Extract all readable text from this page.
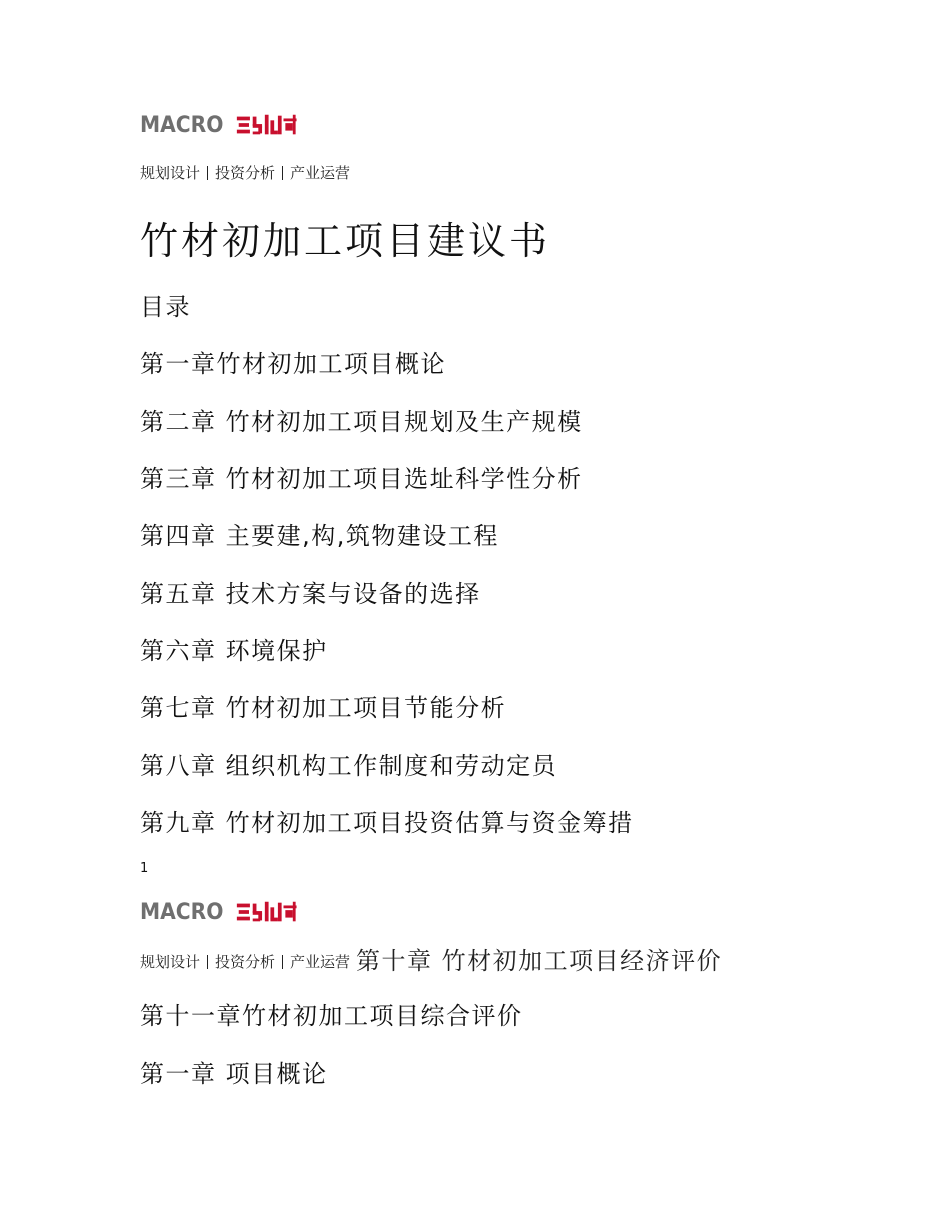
MACRO
规划设计 投资分析 产业运营
竹材初加工项目建议书
目录
第一章竹材初加工项目概论
第二章 竹材初加工项目规划及生产规模
第三章 竹材初加工项目选址科学性分析
第四章 主要建,构,筑物建设工程
第五章 技术方案与设备的选择
第六章 环境保护
第七章 竹材初加工项目节能分析
第八章 组织机构工作制度和劳动定员
第九章 竹材初加工项目投资估算与资金筹措
1
MACRO
规划设计 投资分析 产业运营 第十章 竹材初加工项目经济评价
第十一章竹材初加工项目综合评价
第一章 项目概论
